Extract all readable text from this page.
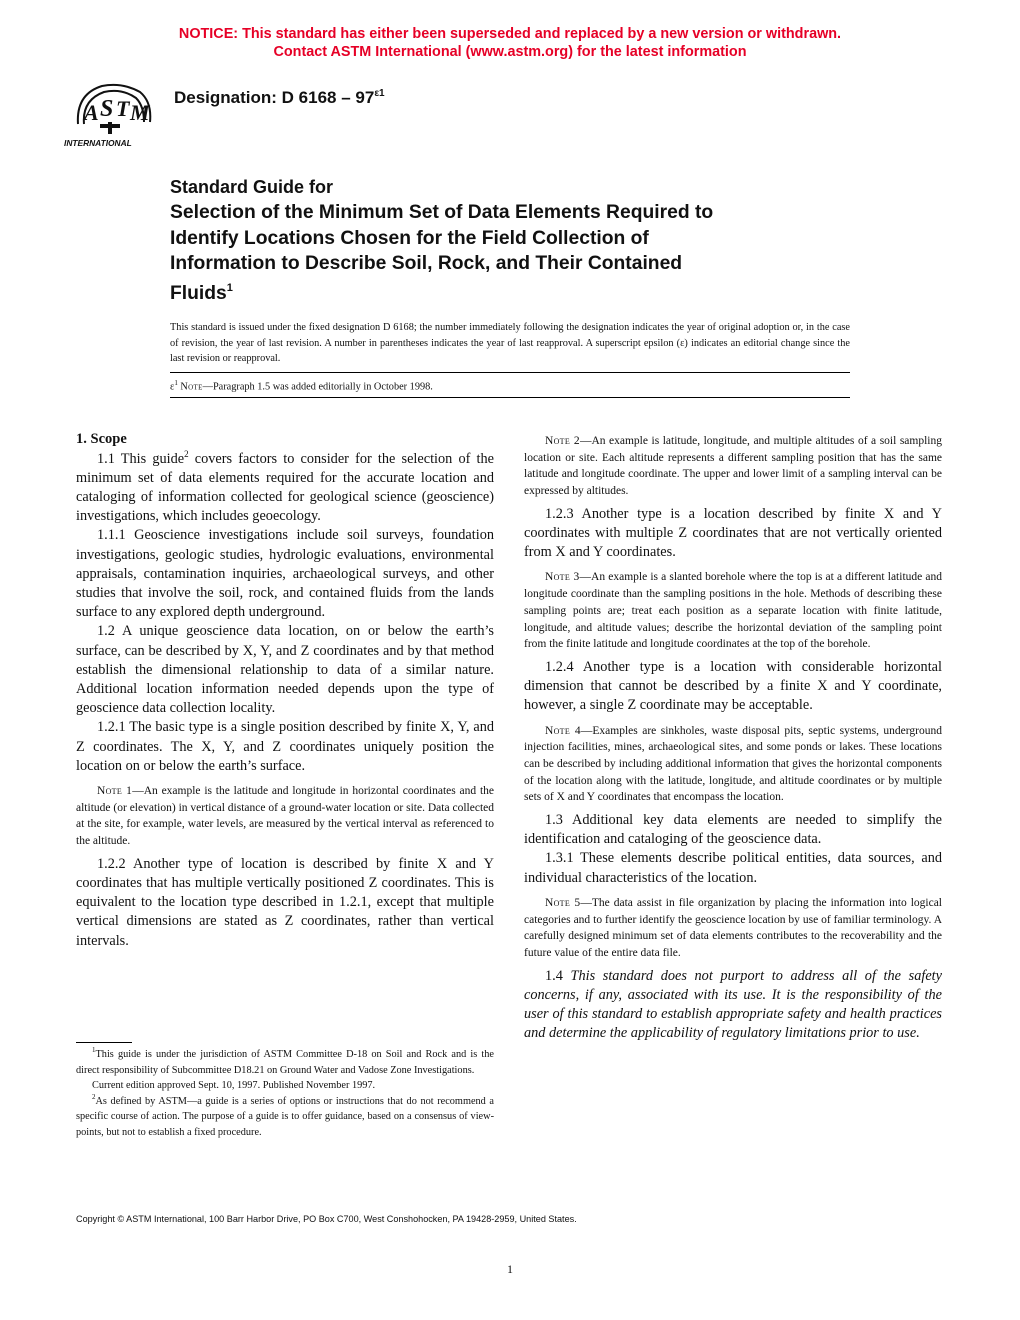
NOTICE: This standard has either been superseded and replaced by a new version or withdrawn.
Contact ASTM International (www.astm.org) for the latest information
A S T M
INTERNATIONAL
Designation: D $6168 - 97^{\varepsilon 1}$
Standard Guide for
Selection of the Minimum Set of Data Elements Required to
Identify Locations Chosen for the Field Collection of
Information to Describe Soil, Rock, and Their Contained
Fluids$^1$
This standard is issued under the fixed designation D 6168; the number immediately following the designation indicates the year of original adoption or, in the case of revision, the year of last revision. A number in parentheses indicates the year of last reapproval. A superscript epsilon (ε) indicates an editorial change since the last revision or reapproval.
$\varepsilon^1$ Note—Paragraph 1.5 was added editorially in October 1998.

1. Scope

1.1 This guide$^2$ covers factors to consider for the selection of the minimum set of data elements required for the accurate location and cataloging of information collected for geological science (geoscience) investigations, which includes geoecology.

1.1.1 Geoscience investigations include soil surveys, foundation investigations, geologic studies, hydrologic evaluations, environmental appraisals, contamination inquiries, archaeological surveys, and other studies that involve the soil, rock, and contained fluids from the lands surface to any explored depth underground.

1.2 A unique geoscience data location, on or below the earth’s surface, can be described by X, Y, and Z coordinates and by that method establish the dimensional relationship to data of a similar nature. Additional location information needed depends upon the type of geoscience data collection locality.

1.2.1 The basic type is a single position described by finite X, Y, and Z coordinates. The X, Y, and Z coordinates uniquely position the location on or below the earth’s surface.

Note 1—An example is the latitude and longitude in horizontal coordinates and the altitude (or elevation) in vertical distance of a ground-water location or site. Data collected at the site, for example, water levels, are measured by the vertical interval as referenced to the altitude.

1.2.2 Another type of location is described by finite X and Y coordinates that has multiple vertically positioned Z coordinates. This is equivalent to the location type described in 1.2.1, except that multiple vertical dimensions are stated as Z coordinates, rather than vertical intervals.

Note 2—An example is latitude, longitude, and multiple altitudes of a soil sampling location or site. Each altitude represents a different sampling position that has the same latitude and longitude coordinate. The upper and lower limit of a sampling interval can be expressed by altitudes.

1.2.3 Another type is a location described by finite X and Y coordinates with multiple Z coordinates that are not vertically oriented from X and Y coordinates.

Note 3—An example is a slanted borehole where the top is at a different latitude and longitude coordinate than the sampling positions in the hole. Methods of describing these sampling points are; treat each position as a separate location with finite latitude, longitude, and altitude values; describe the horizontal deviation of the sampling point from the finite latitude and longitude coordinates at the top of the borehole.

1.2.4 Another type is a location with considerable horizontal dimension that cannot be described by a finite X and Y coordinate, however, a single Z coordinate may be acceptable.

Note 4—Examples are sinkholes, waste disposal pits, septic systems, underground injection facilities, mines, archaeological sites, and some ponds or lakes. These locations can be described by including additional information that gives the horizontal components of the location along with the latitude, longitude, and altitude coordinates or by multiple sets of X and Y coordinates that encompass the location.

1.3 Additional key data elements are needed to simplify the identification and cataloging of the geoscience data.

1.3.1 These elements describe political entities, data sources, and individual characteristics of the location.

Note 5—The data assist in file organization by placing the information into logical categories and to further identify the geoscience location by use of familiar terminology. A carefully designed minimum set of data elements contributes to the recoverability and the future value of the entire data file.

1.4 This standard does not purport to address all of the safety concerns, if any, associated with its use. It is the responsibility of the user of this standard to establish appropriate safety and health practices and determine the applicability of regulatory limitations prior to use.

$^1$This guide is under the jurisdiction of ASTM Committee D-18 on Soil and Rock and is the direct responsibility of Subcommittee D18.21 on Ground Water and Vadose Zone Investigations.

Current edition approved Sept. 10, 1997. Published November 1997.

$^2$As defined by ASTM—a guide is a series of options or instructions that do not recommend a specific course of action. The purpose of a guide is to offer guidance, based on a consensus of view-points, but not to establish a fixed procedure.

Copyright © ASTM International, 100 Barr Harbor Drive, PO Box C700, West Conshohocken, PA 19428-2959, United States.
1
